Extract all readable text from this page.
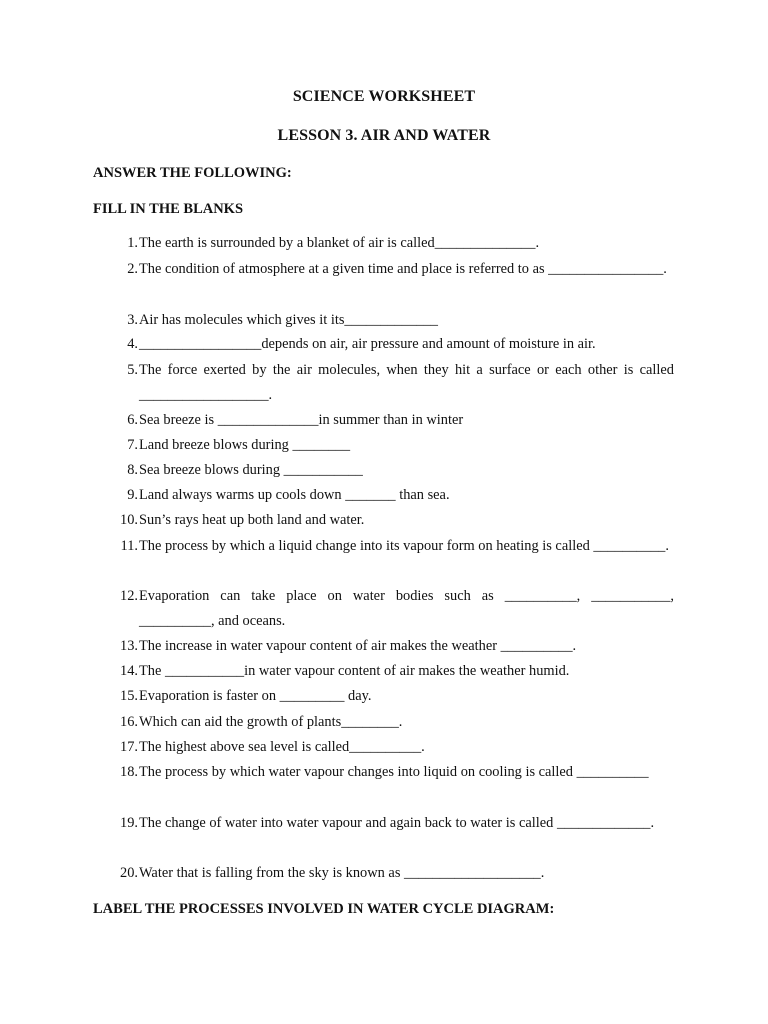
SCIENCE WORKSHEET
LESSON 3. AIR AND WATER
ANSWER THE FOLLOWING:
FILL IN THE BLANKS
1. The earth is surrounded by a blanket of air is called______________.
2. The condition of atmosphere at a given time and place is referred to as ________________.
3. Air has molecules which gives it its_____________
4. _________________depends on air, air pressure and amount of moisture in air.
5. The force exerted by the air molecules, when they hit a surface or each other is called __________________.
6. Sea breeze is ______________in summer than in winter
7. Land breeze blows during ________
8. Sea breeze blows during ___________
9. Land always warms up cools down _______ than sea.
10. Sun’s rays heat up both land and water.
11. The process by which a liquid change into its vapour form on heating is called __________.
12. Evaporation can take place on water bodies such as __________, ___________, __________, and oceans.
13. The increase in water vapour content of air makes the weather __________.
14. The ___________in water vapour content of air makes the weather humid.
15. Evaporation is faster on _________ day.
16. Which can aid the growth of plants________.
17. The highest above sea level is called__________.
18. The process by which water vapour changes into liquid on cooling is called __________
19. The change of water into water vapour and again back to water is called _____________.
20. Water that is falling from the sky is known as ___________________.
LABEL THE PROCESSES INVOLVED IN WATER CYCLE DIAGRAM:
